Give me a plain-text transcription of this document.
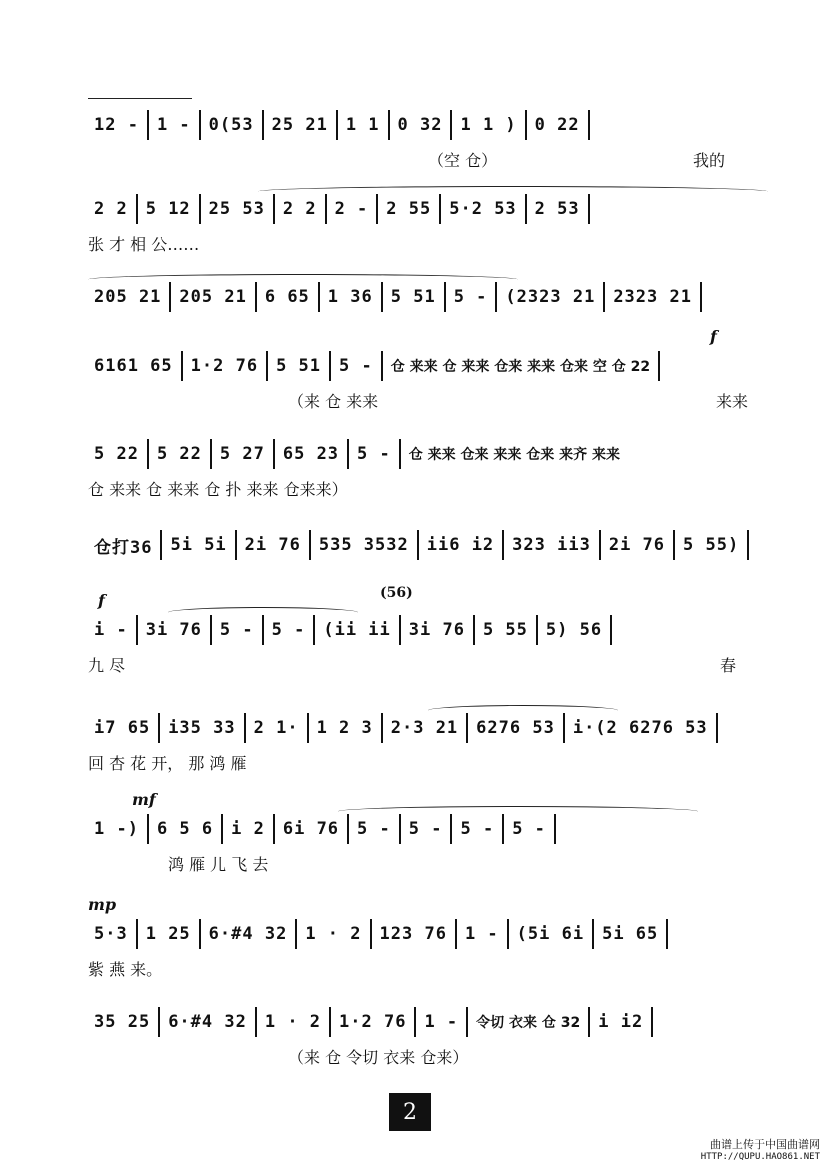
12 -	1 -	0(53	25 21	1 1	0 32	1 1 )	0 22
（空 仓）	我的
2 2	5 12	25 53	2 2	2 -	2 55	5·2 53	2 53
张 才 相 公……
205 21	205 21	6 65	1 36	5 51	5 -	(2323 21	2323 21
f
6161 65	1·2 76	5 51	5 -	仓 来来 仓 来来 仓来 来来 仓来 空 仓 22
（来 仓 来来	来来
5 22	5 22	5 27	65 23	5 -	仓 来来 仓来 来来 仓来 来齐 来来
仓 来来 仓 来来 仓 扑 来来 仓来来）
仓打36	5i 5i	2i 76	535 3532	ii6 i2	323 ii3	2i 76	5 55)
f	(56)
i -	3i 76	5 -	5 -	(ii ii	3i 76	5 55	5) 56
九 尽	春
i7 65	i35 33	2 1·	1 2 3	2·3 21	6276 53	i·(2 6276 53
回 杏 花 开， 那 鸿 雁
mf
1 -)	6 5 6	i 2	6i 76	5 -	5 -	5 -	5 -
鸿 雁 儿 飞 去
mp
5·3	1 25	6·#4 32	1 · 2	123 76	1 -	(5i 6i	5i 65
紫 燕 来。
35 25	6·#4 32	1 · 2	1·2 76	1 -	令切 衣来 仓 32	i i2
（来 仓 令切 衣来 仓来）
2
曲谱上传于中国曲谱网
HTTP://QUPU.HAO861.NET
